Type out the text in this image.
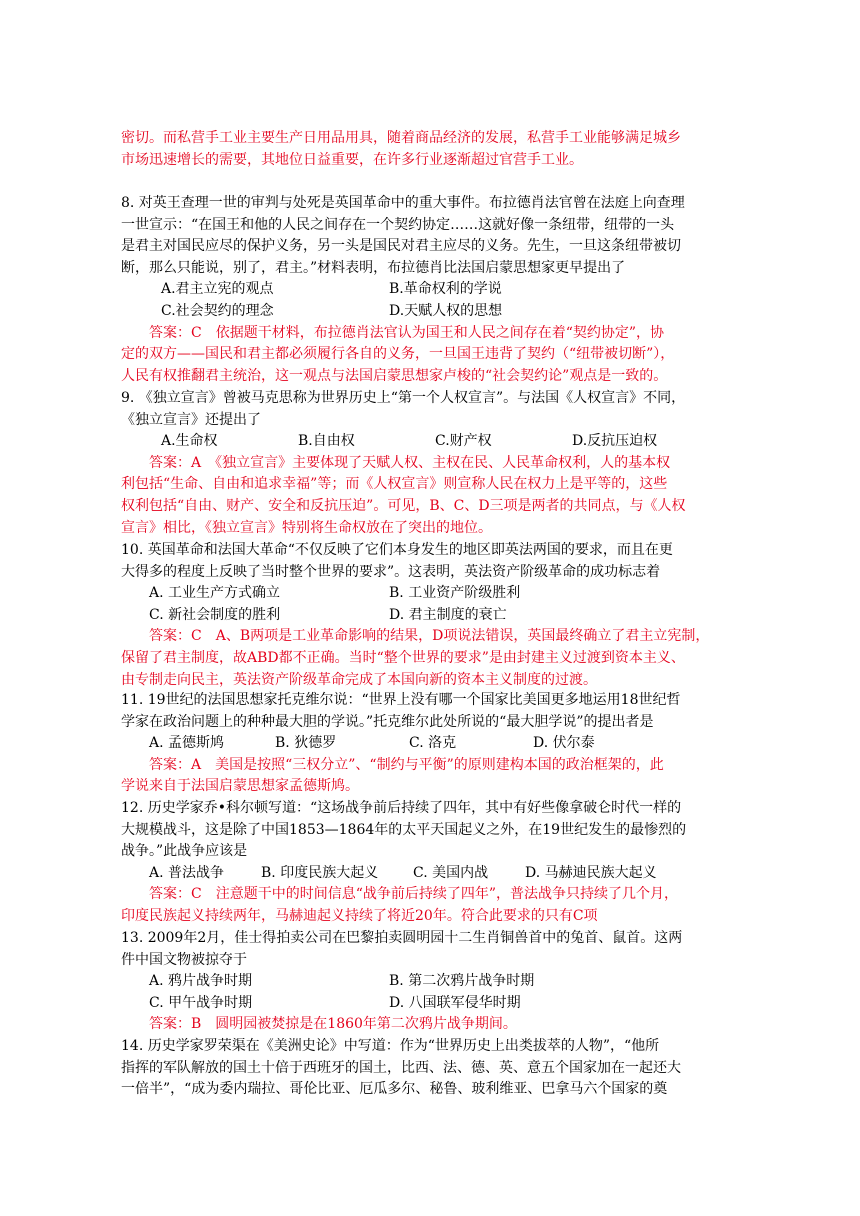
密切。而私营手工业主要生产日用品用具，随着商品经济的发展，私营手工业能够满足城乡
市场迅速增长的需要，其地位日益重要，在许多行业逐渐超过官营手工业。
8. 对英王查理一世的审判与处死是英国革命中的重大事件。布拉德肖法官曾在法庭上向查理
一世宣示：“在国王和他的人民之间存在一个契约协定……这就好像一条纽带，纽带的一头
是君主对国民应尽的保护义务，另一头是国民对君主应尽的义务。先生，一旦这条纽带被切
断，那么只能说，别了，君主。”材料表明，布拉德肖比法国启蒙思想家更早提出了
A.君主立宪的观点	B.革命权利的学说
C.社会契约的理念	D.天赋人权的思想
答案：C　依据题干材料，布拉德肖法官认为国王和人民之间存在着“契约协定”，协
定的双方——国民和君主都必须履行各自的义务，一旦国王违背了契约（“纽带被切断”），
人民有权推翻君主统治，这一观点与法国启蒙思想家卢梭的“社会契约论”观点是一致的。
9. 《独立宣言》曾被马克思称为世界历史上“第一个人权宣言”。与法国《人权宣言》不同，
《独立宣言》还提出了
A.生命权	B.自由权	C.财产权	D.反抗压迫权
答案：A　《独立宣言》主要体现了天赋人权、主权在民、人民革命权利，人的基本权
利包括“生命、自由和追求幸福”等；而《人权宣言》则宣称人民在权力上是平等的，这些
权利包括“自由、财产、安全和反抗压迫”。可见，B、C、D三项是两者的共同点，与《人权
宣言》相比，《独立宣言》特别将生命权放在了突出的地位。
10. 英国革命和法国大革命“不仅反映了它们本身发生的地区即英法两国的要求，而且在更
大得多的程度上反映了当时整个世界的要求”。这表明，英法资产阶级革命的成功标志着
A. 工业生产方式确立	B. 工业资产阶级胜利
C. 新社会制度的胜利	D. 君主制度的衰亡
答案：C　A、B两项是工业革命影响的结果，D项说法错误，英国最终确立了君主立宪制，
保留了君主制度，故ABD都不正确。当时“整个世界的要求”是由封建主义过渡到资本主义、
由专制走向民主，英法资产阶级革命完成了本国向新的资本主义制度的过渡。
11. 19世纪的法国思想家托克维尔说：“世界上没有哪一个国家比美国更多地运用18世纪哲
学家在政治问题上的种种最大胆的学说。”托克维尔此处所说的“最大胆学说”的提出者是
A. 孟德斯鸠	B. 狄德罗	C. 洛克	D. 伏尔泰
答案：A　美国是按照“三权分立”、“制约与平衡”的原则建构本国的政治框架的，此
学说来自于法国启蒙思想家孟德斯鸠。
12. 历史学家乔•科尔顿写道：“这场战争前后持续了四年，其中有好些像拿破仑时代一样的
大规模战斗，这是除了中国1853—1864年的太平天国起义之外，在19世纪发生的最惨烈的
战争。”此战争应该是
A. 普法战争	B. 印度民族大起义	C. 美国内战	D. 马赫迪民族大起义
答案：C　注意题干中的时间信息“战争前后持续了四年”，普法战争只持续了几个月，
印度民族起义持续两年，马赫迪起义持续了将近20年。符合此要求的只有C项
13. 2009年2月，佳士得拍卖公司在巴黎拍卖圆明园十二生肖铜兽首中的兔首、鼠首。这两
件中国文物被掠夺于
A. 鸦片战争时期	B. 第二次鸦片战争时期
C. 甲午战争时期	D. 八国联军侵华时期
答案：B　圆明园被焚掠是在1860年第二次鸦片战争期间。
14. 历史学家罗荣渠在《美洲史论》中写道：作为“世界历史上出类拔萃的人物”，“他所
指挥的军队解放的国土十倍于西班牙的国土，比西、法、德、英、意五个国家加在一起还大
一倍半”，“成为委内瑞拉、哥伦比亚、厄瓜多尔、秘鲁、玻利维亚、巴拿马六个国家的奠
